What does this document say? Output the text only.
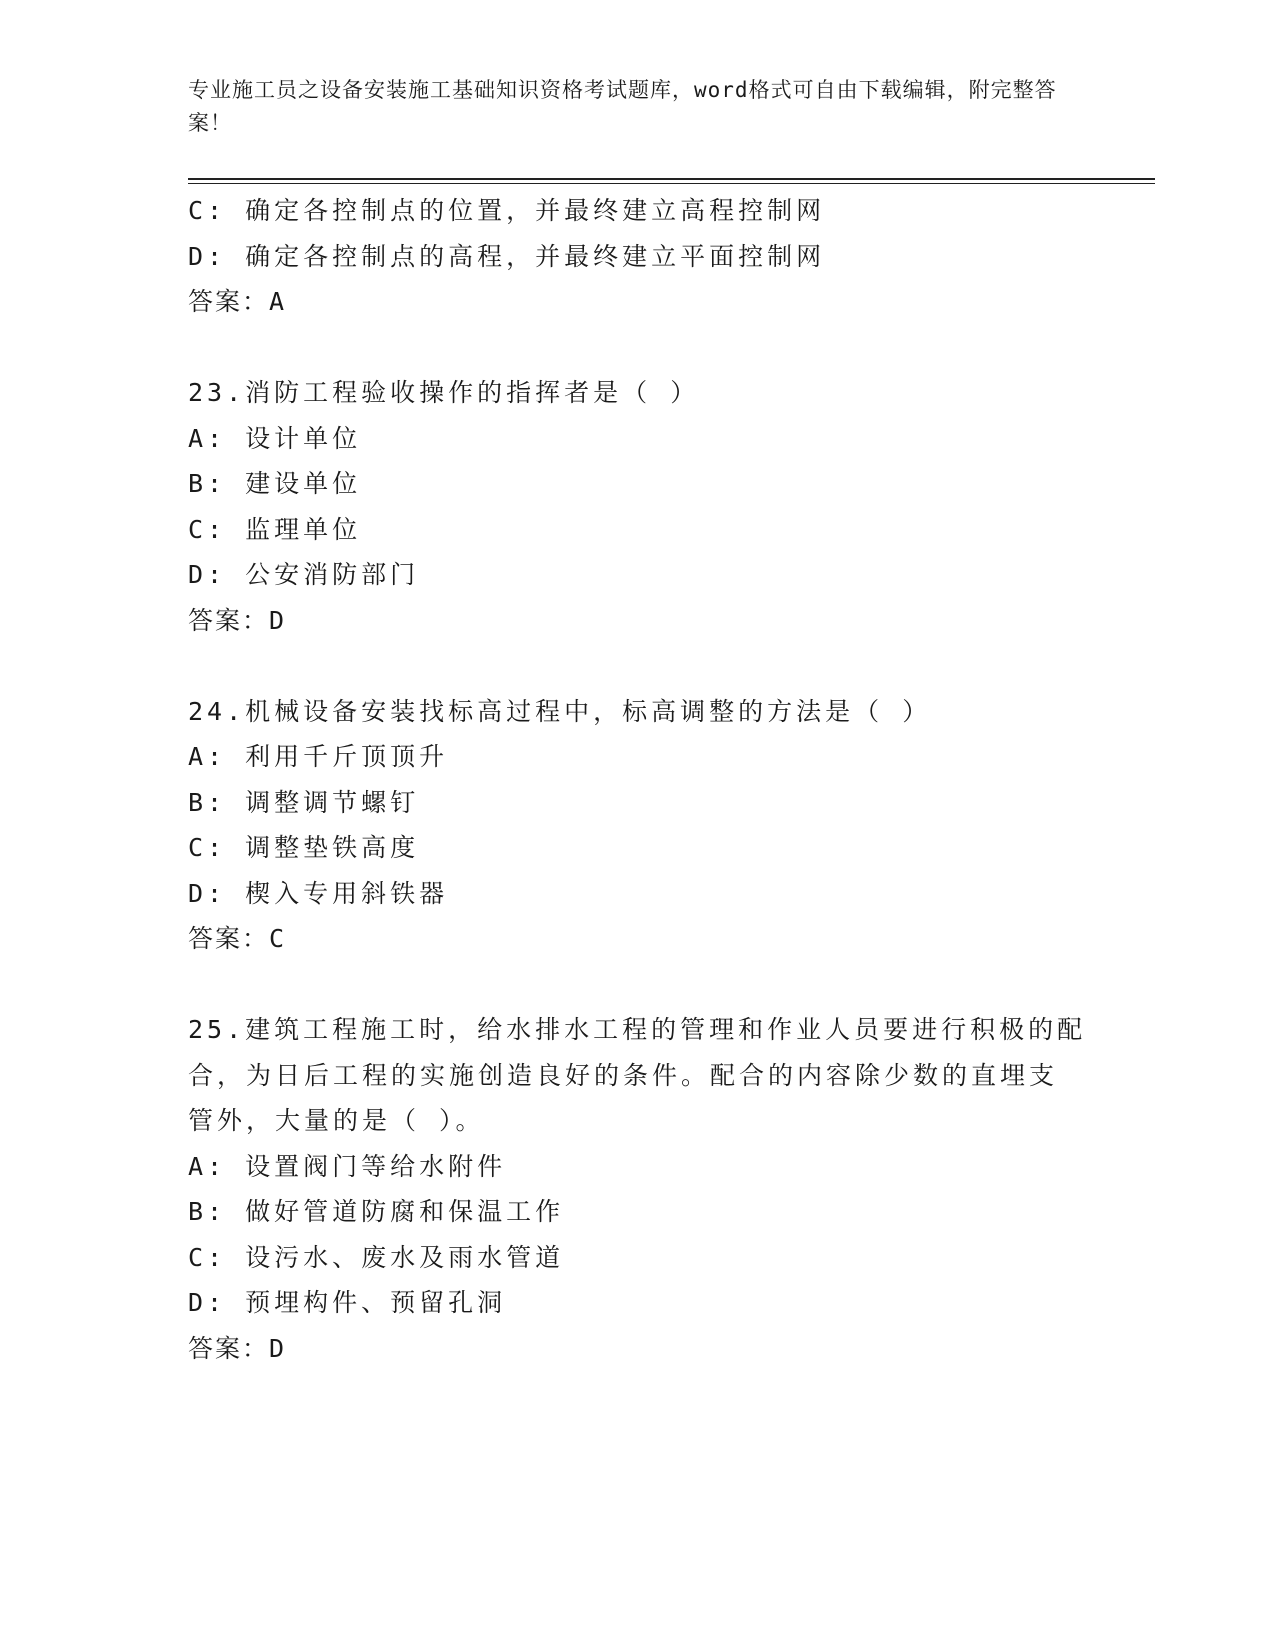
专业施工员之设备安装施工基础知识资格考试题库，word格式可自由下载编辑，附完整答案！
C: 确定各控制点的位置，并最终建立高程控制网
D: 确定各控制点的高程，并最终建立平面控制网
答案：A
23.消防工程验收操作的指挥者是（ ）
A: 设计单位
B: 建设单位
C: 监理单位
D: 公安消防部门
答案：D
24.机械设备安装找标高过程中，标高调整的方法是（ ）
A: 利用千斤顶顶升
B: 调整调节螺钉
C: 调整垫铁高度
D: 楔入专用斜铁器
答案：C
25.建筑工程施工时，给水排水工程的管理和作业人员要进行积极的配
合，为日后工程的实施创造良好的条件。配合的内容除少数的直埋支
管外，大量的是（ ）。
A: 设置阀门等给水附件
B: 做好管道防腐和保温工作
C: 设污水、废水及雨水管道
D: 预埋构件、预留孔洞
答案：D
